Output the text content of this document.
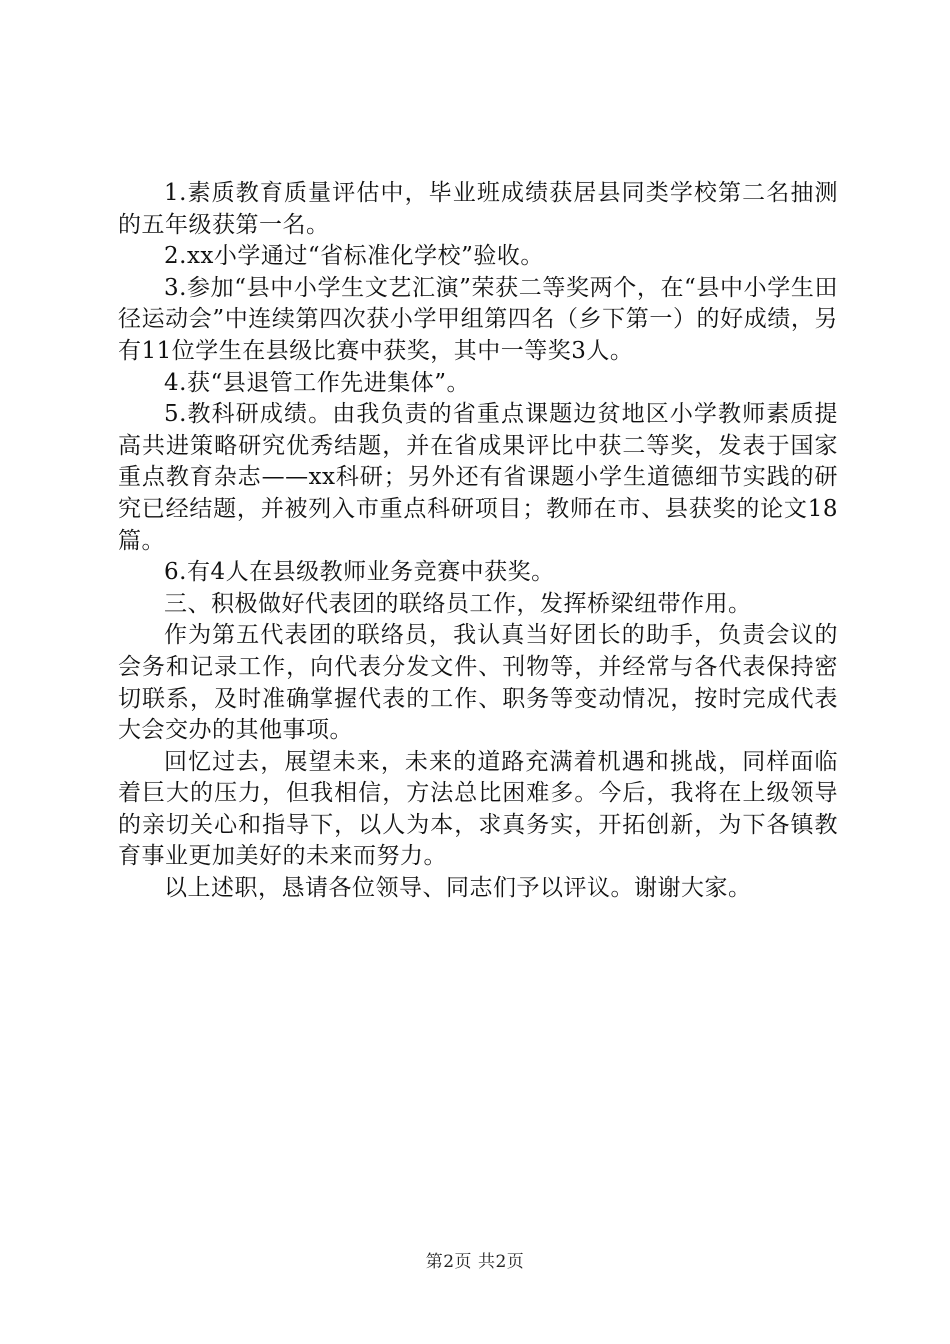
1.素质教育质量评估中，毕业班成绩获居县同类学校第二名抽测的五年级获第一名。

2.xx小学通过“省标准化学校”验收。

3.参加“县中小学生文艺汇演”荣获二等奖两个，在“县中小学生田径运动会”中连续第四次获小学甲组第四名（乡下第一）的好成绩，另有11位学生在县级比赛中获奖，其中一等奖3人。

4.获“县退管工作先进集体”。

5.教科研成绩。由我负责的省重点课题边贫地区小学教师素质提高共进策略研究优秀结题，并在省成果评比中获二等奖，发表于国家重点教育杂志——xx科研；另外还有省课题小学生道德细节实践的研究已经结题，并被列入市重点科研项目；教师在市、县获奖的论文18篇。

6.有4人在县级教师业务竞赛中获奖。

三、积极做好代表团的联络员工作，发挥桥梁纽带作用。

作为第五代表团的联络员，我认真当好团长的助手，负责会议的会务和记录工作，向代表分发文件、刊物等，并经常与各代表保持密切联系，及时准确掌握代表的工作、职务等变动情况，按时完成代表大会交办的其他事项。

回忆过去，展望未来，未来的道路充满着机遇和挑战，同样面临着巨大的压力，但我相信，方法总比困难多。今后，我将在上级领导的亲切关心和指导下，以人为本，求真务实，开拓创新，为下各镇教育事业更加美好的未来而努力。

以上述职，恳请各位领导、同志们予以评议。谢谢大家。

第2页 共2页
